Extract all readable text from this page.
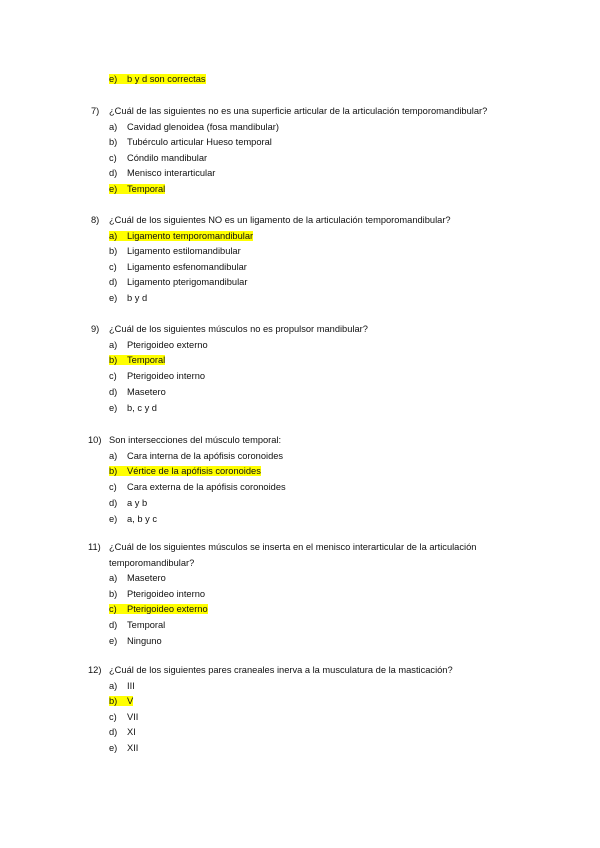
e) b y d son correctas
7) ¿Cuál de las siguientes no es una superficie articular de la articulación temporomandibular?
a) Cavidad glenoidea (fosa mandibular)
b) Tubérculo articular Hueso temporal
c) Cóndilo mandibular
d) Menisco interarticular
e) Temporal
8) ¿Cuál de los siguientes NO es un ligamento de la articulación temporomandibular?
a) Ligamento temporomandibular
b) Ligamento estilomandibular
c) Ligamento esfenomandibular
d) Ligamento pterigomandibular
e) b y d
9) ¿Cuál de los siguientes músculos no es propulsor mandibular?
a) Pterigoideo externo
b) Temporal
c) Pterigoideo interno
d) Masetero
e) b, c y d
10) Son intersecciones del músculo temporal:
a) Cara interna de la apófisis coronoides
b) Vértice de la apófisis coronoides
c) Cara externa de la apófisis coronoides
d) a y b
e) a, b y c
11) ¿Cuál de los siguientes músculos se inserta en el menisco interarticular de la articulación
temporomandibular?
a) Masetero
b) Pterigoideo interno
c) Pterigoideo externo
d) Temporal
e) Ninguno
12) ¿Cuál de los siguientes pares craneales inerva a la musculatura de la masticación?
a) III
b) V
c) VII
d) XI
e) XII
